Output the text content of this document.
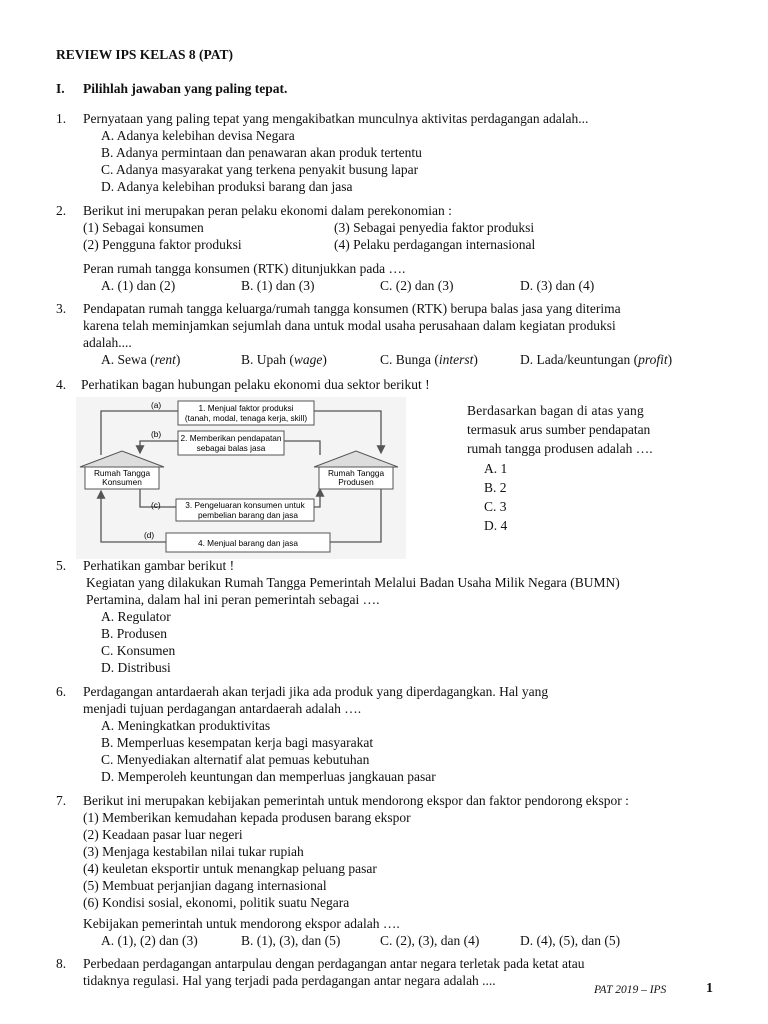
REVIEW IPS KELAS 8 (PAT)
I. Pilihlah jawaban yang paling tepat.
1. Pernyataan yang paling tepat yang mengakibatkan munculnya aktivitas perdagangan adalah...
A. Adanya kelebihan devisa Negara
B. Adanya permintaan dan penawaran akan produk tertentu
C. Adanya masyarakat yang terkena penyakit busung lapar
D. Adanya kelebihan produksi barang dan jasa
2. Berikut ini merupakan peran pelaku ekonomi dalam perekonomian :
(1) Sebagai konsumen	(3) Sebagai penyedia faktor produksi
(2) Pengguna faktor produksi	(4) Pelaku perdagangan internasional
Peran rumah tangga konsumen (RTK) ditunjukkan pada ….
A. (1) dan (2)	B. (1) dan (3)	C. (2) dan (3)	D. (3) dan (4)
3. Pendapatan rumah tangga keluarga/rumah tangga konsumen (RTK) berupa balas jasa yang diterima
karena telah meminjamkan sejumlah dana untuk modal usaha perusahaan dalam kegiatan produksi
adalah....
A. Sewa (rent)	B. Upah (wage)	C. Bunga (interst)	D. Lada/keuntungan (profit)
4. Perhatikan bagan hubungan pelaku ekonomi dua sektor berikut !
(a)
(b)
(c)
(d)
1. Menjual faktor produksi
(tanah, modal, tenaga kerja, skill)
2. Memberikan pendapatan
sebagai balas jasa
3. Pengeluaran konsumen untuk
pembelian barang dan jasa
4. Menjual barang dan jasa
Rumah Tangga
Konsumen
Rumah Tangga
Produsen
Berdasarkan bagan di atas yang
termasuk arus sumber pendapatan
rumah tangga produsen adalah ….
A. 1
B. 2
C. 3
D. 4
5. Perhatikan gambar berikut !
Kegiatan yang dilakukan Rumah Tangga Pemerintah Melalui Badan Usaha Milik Negara (BUMN)
Pertamina, dalam hal ini peran pemerintah sebagai ….
A. Regulator
B. Produsen
C. Konsumen
D. Distribusi
6. Perdagangan antardaerah akan terjadi jika ada produk yang diperdagangkan. Hal yang
menjadi tujuan perdagangan antardaerah adalah ….
A. Meningkatkan produktivitas
B. Memperluas kesempatan kerja bagi masyarakat
C. Menyediakan alternatif alat pemuas kebutuhan
D. Memperoleh keuntungan dan memperluas jangkauan pasar
7. Berikut ini merupakan kebijakan pemerintah untuk mendorong ekspor dan faktor pendorong ekspor :
(1) Memberikan kemudahan kepada produsen barang ekspor
(2) Keadaan pasar luar negeri
(3) Menjaga kestabilan nilai tukar rupiah
(4) keuletan eksportir untuk menangkap peluang pasar
(5) Membuat perjanjian dagang internasional
(6) Kondisi sosial, ekonomi, politik suatu Negara
Kebijakan pemerintah untuk mendorong ekspor adalah ….
A. (1), (2) dan (3)	B. (1), (3), dan (5)	C. (2), (3), dan (4)	D. (4), (5), dan (5)
8. Perbedaan perdagangan antarpulau dengan perdagangan antar negara terletak pada ketat atau
tidaknya regulasi. Hal yang terjadi pada perdagangan antar negara adalah ....
PAT 2019 – IPS	1
